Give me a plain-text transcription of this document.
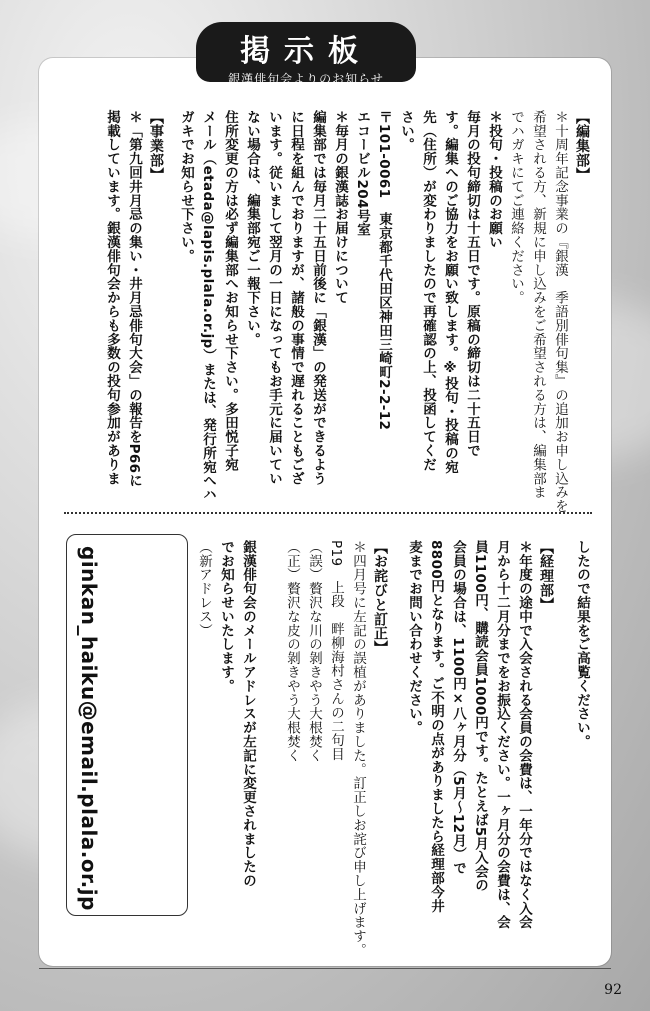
掲示板
銀漢俳句会よりのお知らせ
【編集部】
＊十周年記念事業の『銀漢　季語別俳句集』の追加お申し込みを
希望される方、新規に申し込みをご希望される方は、編集部ま
でハガキにてご連絡ください。
＊投句・投稿のお願い
毎月の投句締切は十五日です。原稿の締切は二十五日で
す。編集へのご協力をお願い致します。※投句・投稿の宛
先（住所）が変わりましたので再確認の上、投函してくだ
さい。
〒101-0061　東京都千代田区神田三崎町2-2-12
エコービル204号室
＊毎月の銀漢誌お届けについて
編集部では毎月二十五日前後に「銀漢」の発送ができるよう
に日程を組んでおりますが、諸般の事情で遅れることもござ
います。従いまして翌月の一日になってもお手元に届いてい
ない場合は、編集部宛ご一報下さい。
住所変更の方は必ず編集部へお知らせ下さい。多田悦子宛
メール（etada@lapis.plala.or.jp）または、発行所宛へハ
ガキでお知らせ下さい。
【事業部】
＊「第九回井月忌の集い・井月忌俳句大会」の報告をP66に
掲載しています。銀漢俳句会からも多数の投句参加がありま
したので結果をご高覧ください。
【経理部】
＊年度の途中で入会される会員の会費は、一年分ではなく入会
月から十二月分までをお振込ください。一ヶ月分の会費は、会
員1100円、購読会員1000円です。たとえば5月入会の
会員の場合は、1100円×八ヶ月分（5月～12月）で
8800円となります。ご不明の点がありましたら経理部今井
麦までお問い合わせください。
【お詫びと訂正】
＊四月号に左記の誤植がありました。訂正しお詫び申し上げます。
P19　上段　畔柳海村さんの二句目
（誤）贅沢な川の剝きやう大根焚く
（正）贅沢な皮の剝きやう大根焚く
銀漢俳句会のメールアドレスが左記に変更されましたの
でお知らせいたします。
（新アドレス）
ginkan_haiku@email.plala.or.jp
92
